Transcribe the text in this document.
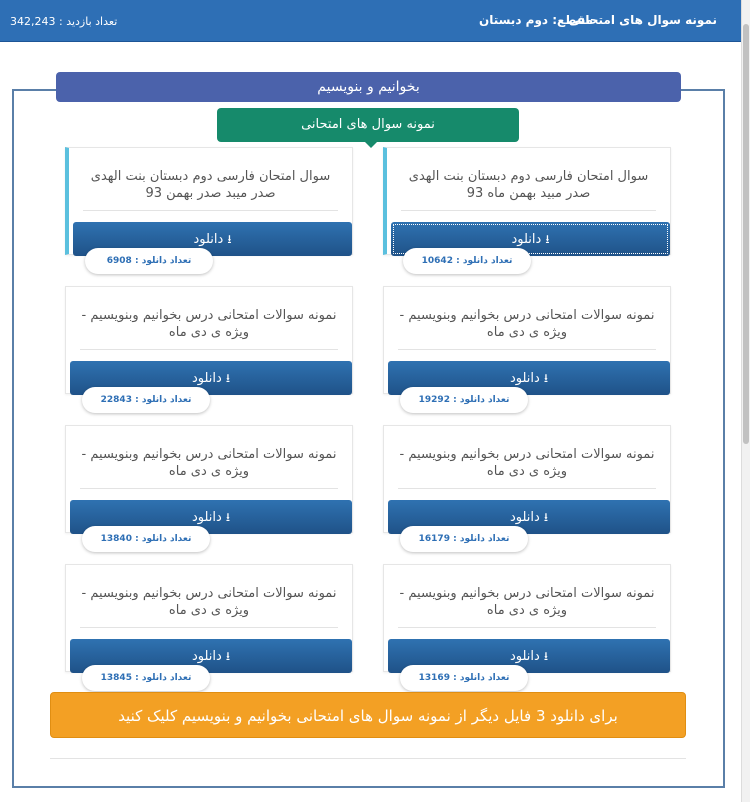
نمونه سوال های امتحانی
مقطع: دوم دبستان
تعداد بازدید : 342,243
بخوانیم و بنویسیم
نمونه سوال های امتحانی
سوال امتحان فارسی دوم دبستان بنت الهدی صدر مبید بهمن ماه 93
⭳دانلود
تعداد دانلود : 10642
سوال امتحان فارسی دوم دبستان بنت الهدی صدر میبد صدر بهمن 93
⭳دانلود
تعداد دانلود : 6908
نمونه سوالات امتحانی درس بخوانیم وبنویسیم - ویژه ی دی ماه
⭳دانلود
تعداد دانلود : 19292
نمونه سوالات امتحانی درس بخوانیم وبنویسیم - ویژه ی دی ماه
⭳دانلود
تعداد دانلود : 22843
نمونه سوالات امتحانی درس بخوانیم وبنویسیم - ویژه ی دی ماه
⭳دانلود
تعداد دانلود : 16179
نمونه سوالات امتحانی درس بخوانیم وبنویسیم - ویژه ی دی ماه
⭳دانلود
تعداد دانلود : 13840
نمونه سوالات امتحانی درس بخوانیم وبنویسیم - ویژه ی دی ماه
⭳دانلود
تعداد دانلود : 13169
نمونه سوالات امتحانی درس بخوانیم وبنویسیم - ویژه ی دی ماه
⭳دانلود
تعداد دانلود : 13845
برای دانلود 3 فایل دیگر از نمونه سوال های امتحانی بخوانیم و بنویسیم کلیک کنید
